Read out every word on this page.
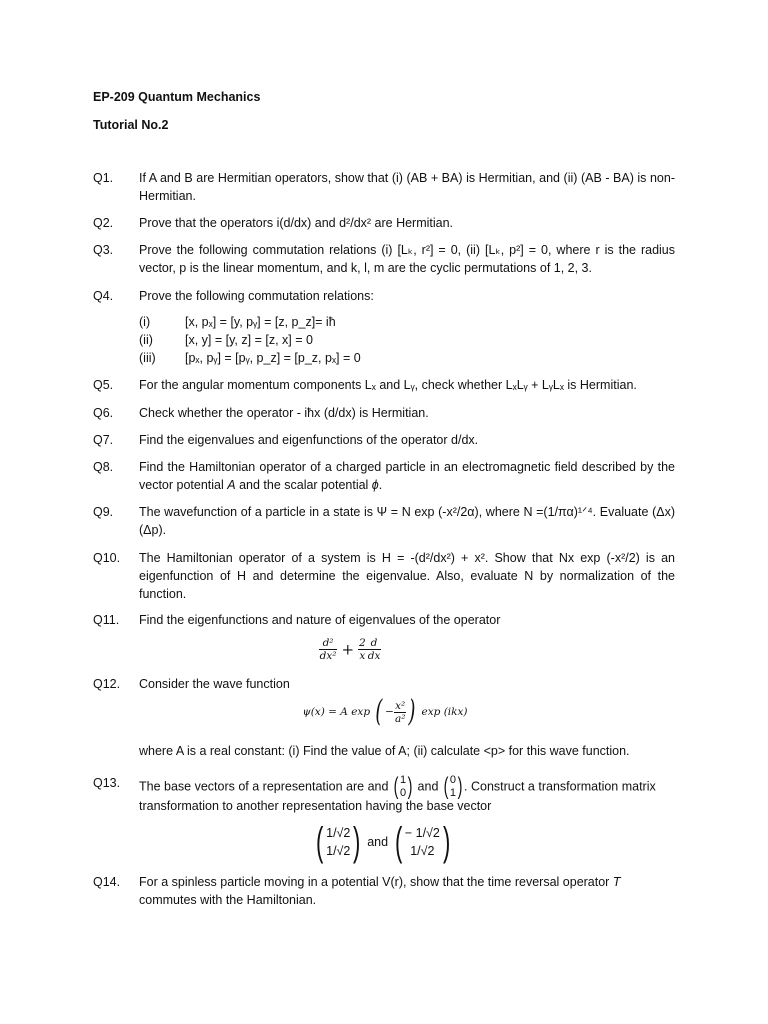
EP-209 Quantum Mechanics
Tutorial No.2
Q1. If A and B are Hermitian operators, show that (i) (AB + BA) is Hermitian, and (ii) (AB - BA) is non-Hermitian.
Q2. Prove that the operators i(d/dx) and d²/dx² are Hermitian.
Q3. Prove the following commutation relations (i) [Lₖ, r²] = 0, (ii) [Lₖ, p²] = 0, where r is the radius vector, p is the linear momentum, and k, l, m are the cyclic permutations of 1, 2, 3.
Q4. Prove the following commutation relations:
(i)	[x, pₓ] = [y, pᵧ] = [z, p_z]= iħ
(ii)	[x, y] = [y, z] = [z, x] = 0
(iii) [pₓ, pᵧ] = [pᵧ, p_z] = [p_z, pₓ] = 0
Q5. For the angular momentum components Lₓ and Lᵧ, check whether LₓLᵧ + LᵧLₓ is Hermitian.
Q6. Check whether the operator - iħx (d/dx) is Hermitian.
Q7. Find the eigenvalues and eigenfunctions of the operator d/dx.
Q8. Find the Hamiltonian operator of a charged particle in an electromagnetic field described by the vector potential A and the scalar potential ϕ.
Q9. The wavefunction of a particle in a state is Ψ = N exp (-x²/2α), where N =(1/πα)¹ᐟ⁴. Evaluate (Δx) (Δp).
Q10. The Hamiltonian operator of a system is H = -(d²/dx²) + x². Show that Nx exp (-x²/2) is an eigenfunction of H and determine the eigenvalue. Also, evaluate N by normalization of the function.
Q11. Find the eigenfunctions and nature of eigenvalues of the operator
$\frac{\text{d²}}{\text{dx²}} + \frac{2}{x} \frac{d}{dx}$
Q12. Consider the wave function
ψ(x) = A exp ( − $\frac{\text{x²}}{\text{a²}}$ ) exp (ikx)
where A is a real constant: (i) Find the value of A; (ii) calculate <p> for this wave function.
Q13. The base vectors of a representation are and ( 1
0 ) and ( 0
1 ) . Construct a transformation matrix
transformation to another representation having the base vector
( 1/√2
1/√2 ) and ( − 1/√2
1/√2 )
Q14. For a spinless particle moving in a potential V(r), show that the time reversal operator T commutes with the Hamiltonian.
